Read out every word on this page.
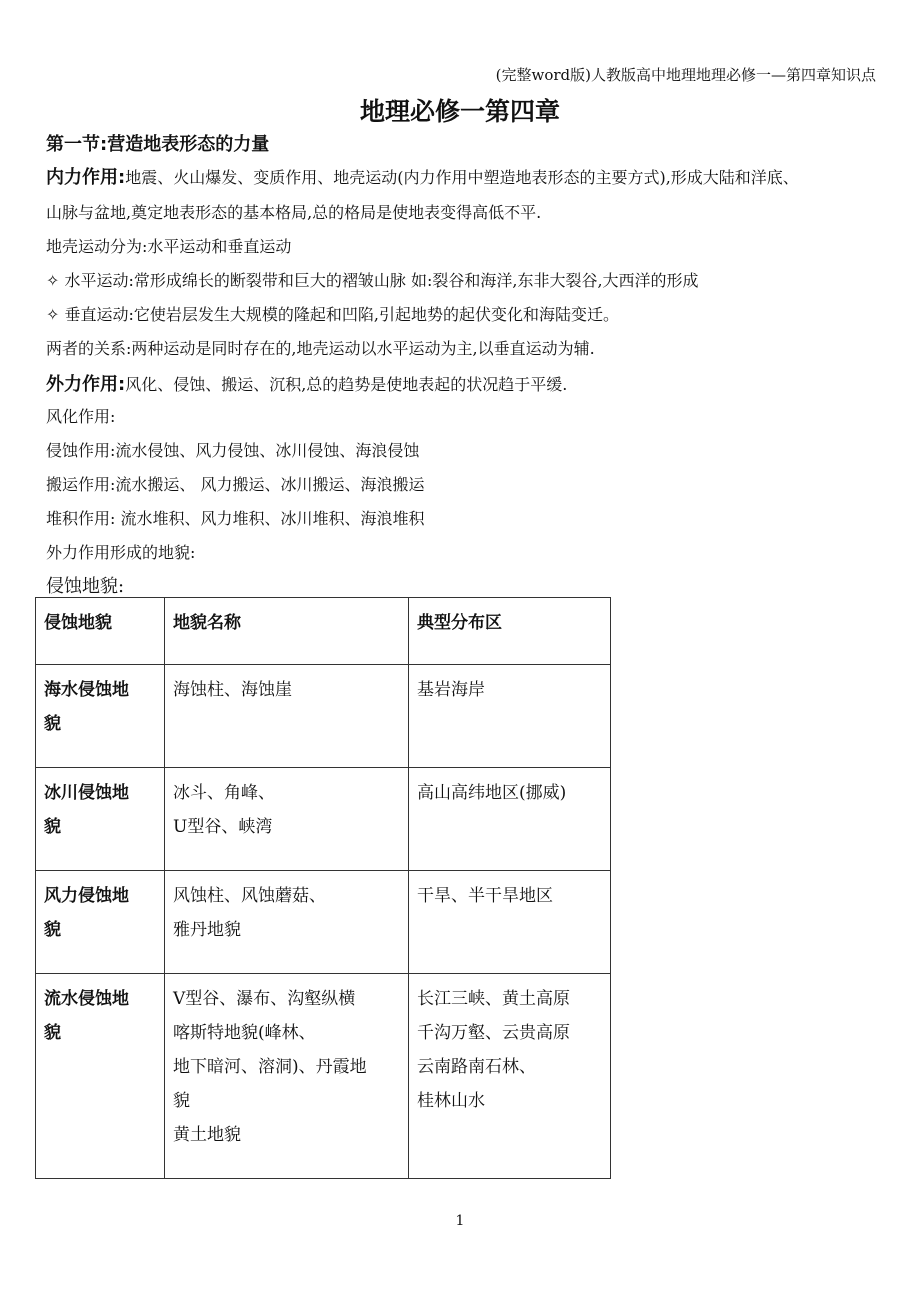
(完整word版)人教版高中地理地理必修一—第四章知识点
地理必修一第四章
第一节:营造地表形态的力量
内力作用:地震、火山爆发、变质作用、地壳运动(内力作用中塑造地表形态的主要方式),形成大陆和洋底、
山脉与盆地,奠定地表形态的基本格局,总的格局是使地表变得高低不平.
地壳运动分为:水平运动和垂直运动
✧ 水平运动:常形成绵长的断裂带和巨大的褶皱山脉 如:裂谷和海洋,东非大裂谷,大西洋的形成
✧ 垂直运动:它使岩层发生大规模的隆起和凹陷,引起地势的起伏变化和海陆变迁。
两者的关系:两种运动是同时存在的,地壳运动以水平运动为主,以垂直运动为辅.
外力作用:风化、侵蚀、搬运、沉积,总的趋势是使地表起的状况趋于平缓.
风化作用:
侵蚀作用:流水侵蚀、风力侵蚀、冰川侵蚀、海浪侵蚀
搬运作用:流水搬运、 风力搬运、冰川搬运、海浪搬运
堆积作用: 流水堆积、风力堆积、冰川堆积、海浪堆积
外力作用形成的地貌:
侵蚀地貌:
侵蚀地貌	地貌名称	典型分布区

海水侵蚀地
貌	海蚀柱、海蚀崖	基岩海岸

冰川侵蚀地
貌	冰斗、角峰、
U型谷、峡湾	高山高纬地区(挪威)

风力侵蚀地
貌	风蚀柱、风蚀蘑菇、
雅丹地貌	干旱、半干旱地区

流水侵蚀地
貌	V型谷、瀑布、沟壑纵横
喀斯特地貌(峰林、
地下暗河、溶洞)、丹霞地
貌
黄土地貌	长江三峡、黄土高原
千沟万壑、云贵高原
云南路南石林、
桂林山水
1
